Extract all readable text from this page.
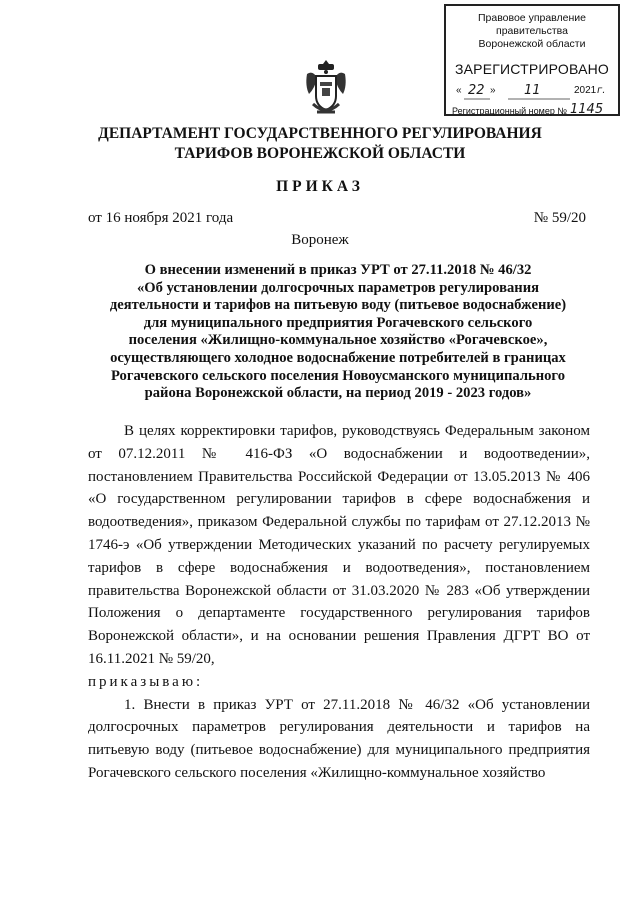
Правовое управление правительства
Воронежской области
ЗАРЕГИСТРИРОВАНО
« 22 » 11	2021 г.
Регистрационный номер № 1145
ДЕПАРТАМЕНТ ГОСУДАРСТВЕННОГО РЕГУЛИРОВАНИЯ
ТАРИФОВ ВОРОНЕЖСКОЙ ОБЛАСТИ
ПРИКАЗ
от 16 ноября 2021 года	№ 59/20
Воронеж
О внесении изменений в приказ УРТ от 27.11.2018 № 46/32
«Об установлении долгосрочных параметров регулирования
деятельности и тарифов на питьевую воду (питьевое водоснабжение)
для муниципального предприятия Рогачевского сельского
поселения «Жилищно-коммунальное хозяйство «Рогачевское»,
осуществляющего холодное водоснабжение потребителей в границах
Рогачевского сельского поселения Новоусманского муниципального
района Воронежской области, на период 2019 - 2023 годов»

В целях корректировки тарифов, руководствуясь Федеральным законом от 07.12.2011 № 416-ФЗ «О водоснабжении и водоотведении», постановлением Правительства Российской Федерации от 13.05.2013 № 406 «О государственном регулировании тарифов в сфере водоснабжения и водоотведения», приказом Федеральной службы по тарифам от 27.12.2013 № 1746-э «Об утверждении Методических указаний по расчету регулируемых тарифов в сфере водоснабжения и водоотведения», постановлением правительства Воронежской области от 31.03.2020 № 283 «Об утверждении Положения о департаменте государственного регулирования тарифов Воронежской области», и на основании решения Правления ДГРТ ВО от 16.11.2021 № 59/20,

приказываю:

1. Внести в приказ УРТ от 27.11.2018 № 46/32 «Об установлении долгосрочных параметров регулирования деятельности и тарифов на питьевую воду (питьевое водоснабжение) для муниципального предприятия Рогачевского сельского поселения «Жилищно-коммунальное хозяйство
